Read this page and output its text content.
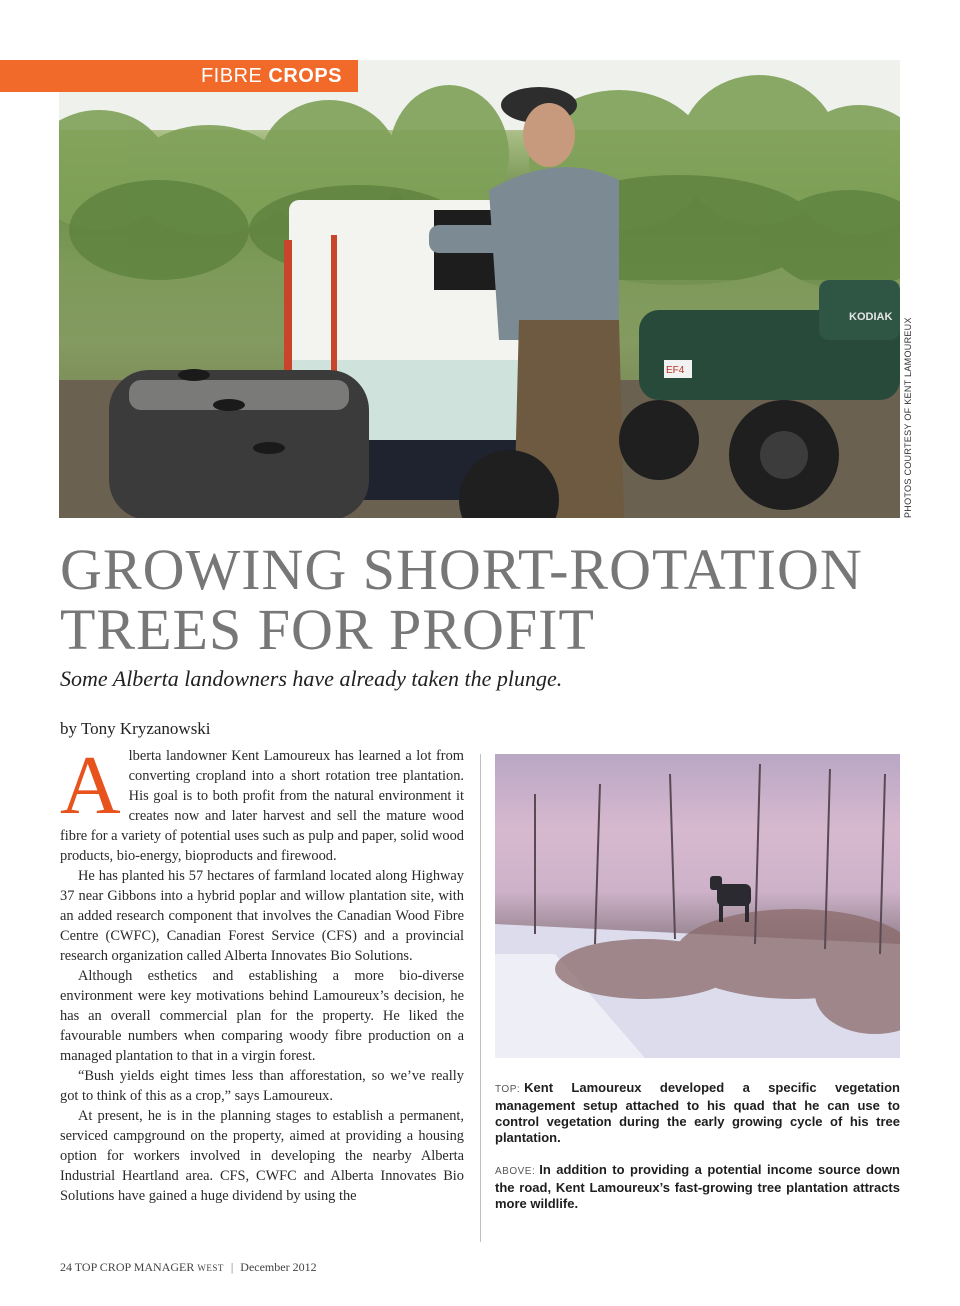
FIBRE CROPS
KODIAK
EF4	PHOTOS COURTESY OF KENT LAMOUREUX
GROWING SHORT-ROTATION TREES FOR PROFIT

Some Alberta landowners have already taken the plunge.

by Tony Kryzanowski

Alberta landowner Kent Lamoureux has learned a lot from converting cropland into a short rotation tree plantation. His goal is to both profit from the natural environment it creates now and later harvest and sell the mature wood fibre for a variety of potential uses such as pulp and paper, solid wood products, bio-energy, bioproducts and firewood.

He has planted his 57 hectares of farmland located along Highway 37 near Gibbons into a hybrid poplar and willow plantation site, with an added research component that involves the Canadian Wood Fibre Centre (CWFC), Canadian Forest Service (CFS) and a provincial research organization called Alberta Innovates Bio Solutions.

Although esthetics and establishing a more bio-diverse environment were key motivations behind Lamoureux’s decision, he has an overall commercial plan for the property. He liked the favourable numbers when comparing woody fibre production on a managed plantation to that in a virgin forest.

“Bush yields eight times less than afforestation, so we’ve really got to think of this as a crop,” says Lamoureux.

At present, he is in the planning stages to establish a permanent, serviced campground on the property, aimed at providing a housing option for workers involved in developing the nearby Alberta Industrial Heartland area. CFS, CWFC and Alberta Innovates Bio Solutions have gained a huge dividend by using the

TOP: Kent Lamoureux developed a specific vegetation management setup attached to his quad that he can use to control vegetation during the early growing cycle of his tree plantation.

ABOVE: In addition to providing a potential income source down the road, Kent Lamoureux’s fast-growing tree plantation attracts more wildlife.

24 TOP CROP MANAGER WEST | December 2012
